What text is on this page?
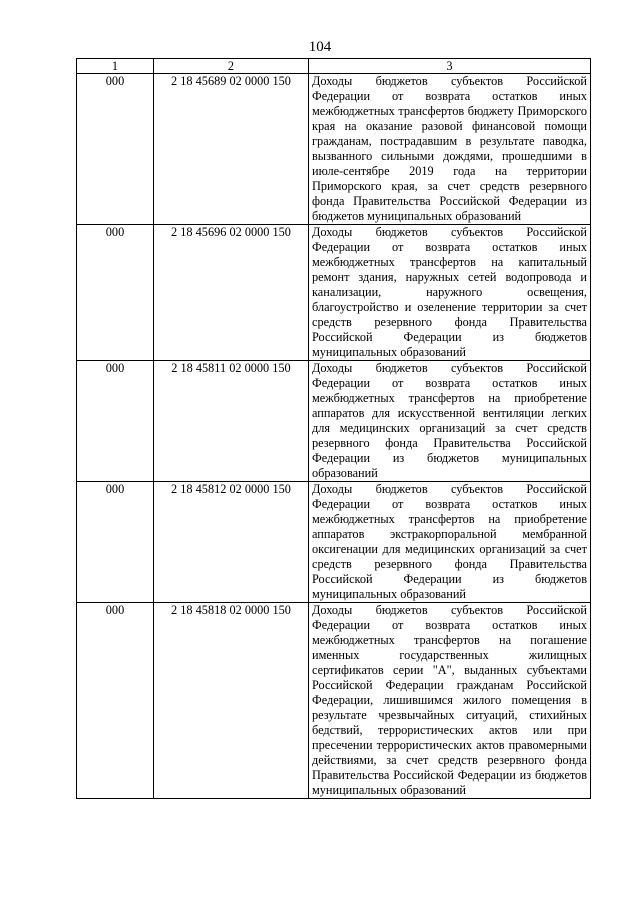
104
1	2	3
000	2 18 45689 02 0000 150	Доходы бюджетов субъектов Российской Федерации от возврата остатков иных межбюджетных трансфертов бюджету Приморского края на оказание разовой финансовой помощи гражданам, пострадавшим в результате паводка, вызванного сильными дождями, прошедшими в июле-сентябре 2019 года на территории Приморского края, за счет средств резервного фонда Правительства Российской Федерации из бюджетов муниципальных образований
000	2 18 45696 02 0000 150	Доходы бюджетов субъектов Российской Федерации от возврата остатков иных межбюджетных трансфертов на капитальный ремонт здания, наружных сетей водопровода и канализации, наружного освещения, благоустройство и озеленение территории за счет средств резервного фонда Правительства Российской Федерации из бюджетов муниципальных образований
000	2 18 45811 02 0000 150	Доходы бюджетов субъектов Российской Федерации от возврата остатков иных межбюджетных трансфертов на приобретение аппаратов для искусственной вентиляции легких для медицинских организаций за счет средств резервного фонда Правительства Российской Федерации из бюджетов муниципальных образований
000	2 18 45812 02 0000 150	Доходы бюджетов субъектов Российской Федерации от возврата остатков иных межбюджетных трансфертов на приобретение аппаратов экстракорпоральной мембранной оксигенации для медицинских организаций за счет средств резервного фонда Правительства Российской Федерации из бюджетов муниципальных образований
000	2 18 45818 02 0000 150	Доходы бюджетов субъектов Российской Федерации от возврата остатков иных межбюджетных трансфертов на погашение именных государственных жилищных сертификатов серии "А", выданных субъектами Российской Федерации гражданам Российской Федерации, лишившимся жилого помещения в результате чрезвычайных ситуаций, стихийных бедствий, террористических актов или при пресечении террористических актов правомерными действиями, за счет средств резервного фонда Правительства Российской Федерации из бюджетов муниципальных образований
